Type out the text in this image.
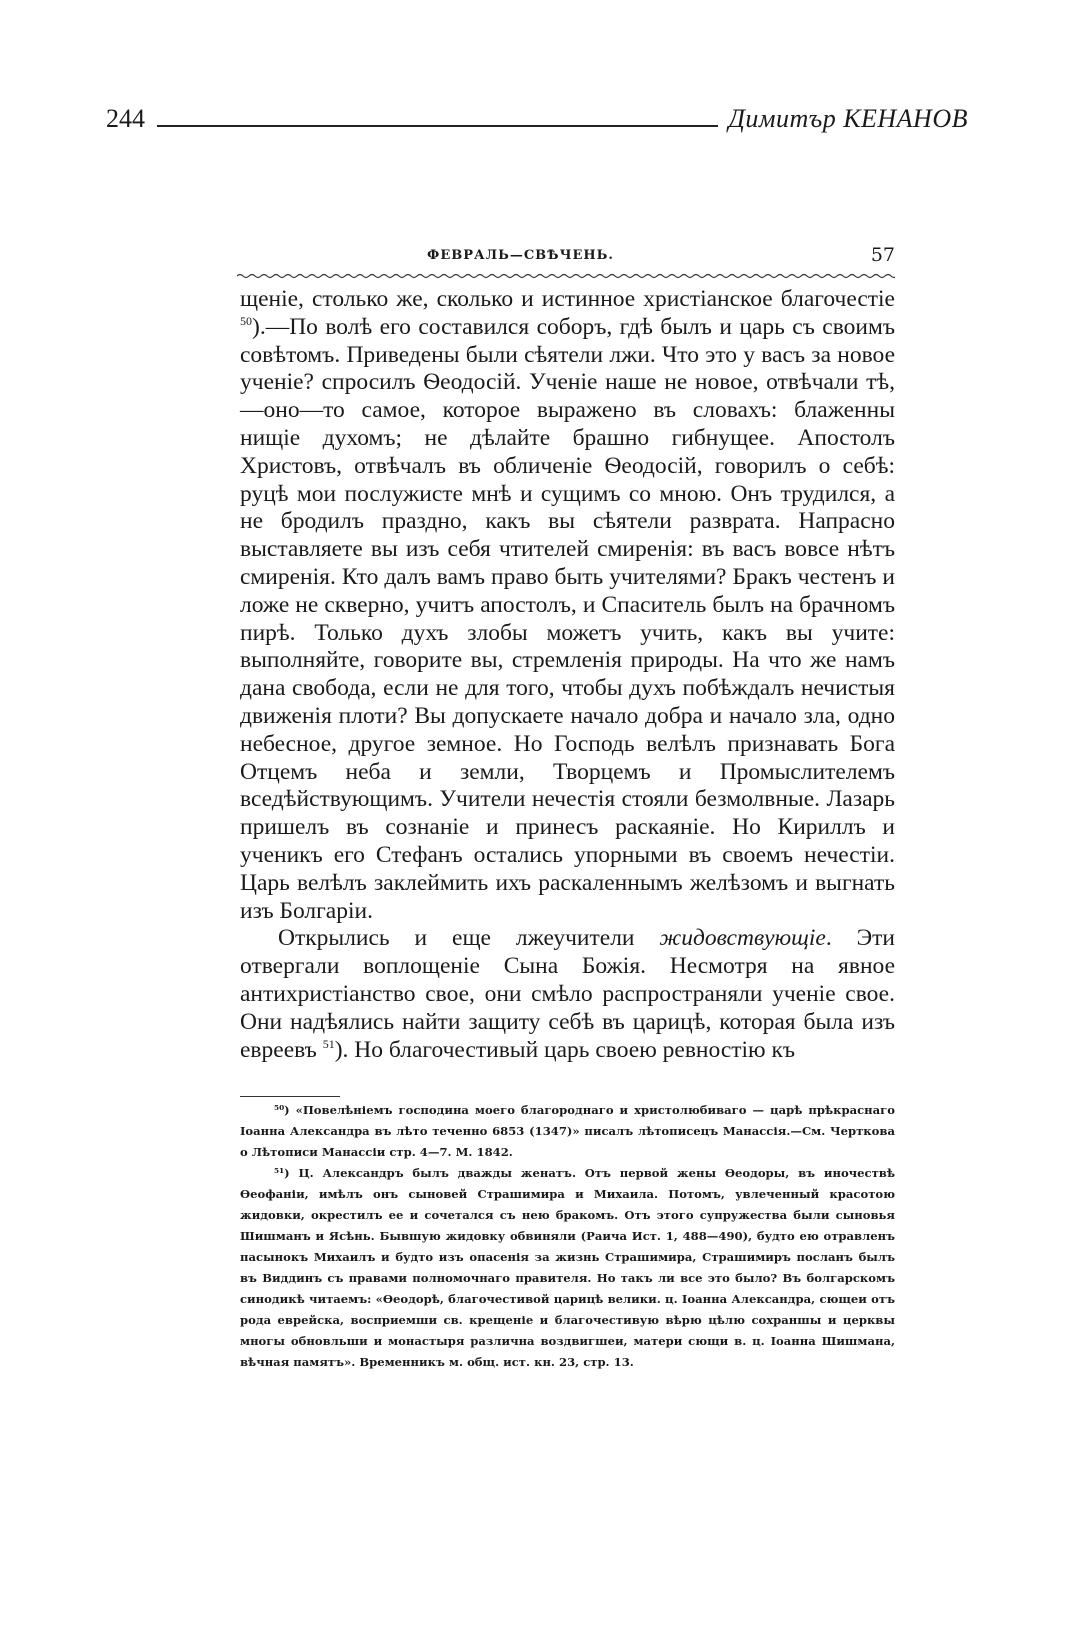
244	Димитър КЕНАНОВ
ФЕВРАЛЬ—СВѢЧЕНЬ.	57

щеніе, столько же, сколько и истинное христіанское благочестіе $^{50}$).—По волѣ его составился соборъ, гдѣ былъ и царь съ своимъ совѣтомъ. Приведены были сѣятели лжи. Что это у васъ за новое ученіе? спросилъ Ѳеодосій. Ученіе наше не новое, отвѣчали тѣ,—оно—то самое, которое выражено въ словахъ: блаженны нищіе духомъ; не дѣлайте брашно гибнущее. Апостолъ Христовъ, отвѣчалъ въ обличеніе Ѳеодосій, говорилъ о себѣ: руцѣ мои послужисте мнѣ и сущимъ со мною. Онъ трудился, а не бродилъ праздно, какъ вы сѣятели разврата. Напрасно выставляете вы изъ себя чтителей смиренія: въ васъ вовсе нѣтъ смиренія. Кто далъ вамъ право быть учителями? Бракъ честенъ и ложе не скверно, учитъ апостолъ, и Спаситель былъ на брачномъ пирѣ. Только духъ злобы можетъ учить, какъ вы учите: выполняйте, говорите вы, стремленія природы. На что же намъ дана свобода, если не для того, чтобы духъ побѣждалъ нечистыя движенія плоти? Вы допускаете начало добра и начало зла, одно небесное, другое земное. Но Господь велѣлъ признавать Бога Отцемъ неба и земли, Творцемъ и Промыслителемъ вседѣйствующимъ. Учители нечестія стояли безмолвные. Лазарь пришелъ въ сознаніе и принесъ раскаяніе. Но Кириллъ и ученикъ его Стефанъ остались упорными въ своемъ нечестіи. Царь велѣлъ заклеймить ихъ раскаленнымъ желѣзомъ и выгнать изъ Болгаріи.

Открылись и еще лжеучители жидовствующіе. Эти отвергали воплощеніе Сына Божія. Несмотря на явное антихристіанство свое, они смѣло распространяли ученіе свое. Они надѣялись найти защиту себѣ въ царицѣ, которая была изъ евреевъ $^{51}$). Но благочестивый царь своею ревностію къ

⁵⁰) «Повелѣніемъ господина моего благороднаго и христолюбиваго — царѣ прѣкраснаго Іоанна Александра въ лѣто теченно 6853 (1347)» писалъ лѣтописецъ Манассія.—См. Черткова о Лѣтописи Манассіи стр. 4—7. М. 1842.

⁵¹) Ц. Александръ былъ дважды женатъ. Отъ первой жены Ѳеодоры, въ иночествѣ Ѳеофаніи, имѣлъ онъ сыновей Страшимира и Михаила. Потомъ, увлеченный красотою жидовки, окрестилъ ее и сочетался съ нею бракомъ. Отъ этого супружества были сыновья Шишманъ и Ясѣнь. Бывшую жидовку обвиняли (Раича Ист. 1, 488—490), будто ею отравленъ пасынокъ Михаилъ и будто изъ опасенія за жизнь Страшимира, Страшимиръ посланъ былъ въ Виддинъ съ правами полномочнаго правителя. Но такъ ли все это было? Въ болгарскомъ синодикѣ читаемъ: «Ѳеодорѣ, благочестивой царицѣ велики. ц. Іоанна Александра, сющеи отъ рода еврейска, восприемши св. крещеніе и благочестивую вѣрю цѣлю сохраншы и церквы многы обновльши и монастыря различна воздвигшеи, матери сющи в. ц. Іоанна Шишмана, вѣчная памятъ». Временникъ м. общ. ист. кн. 23, стр. 13.
